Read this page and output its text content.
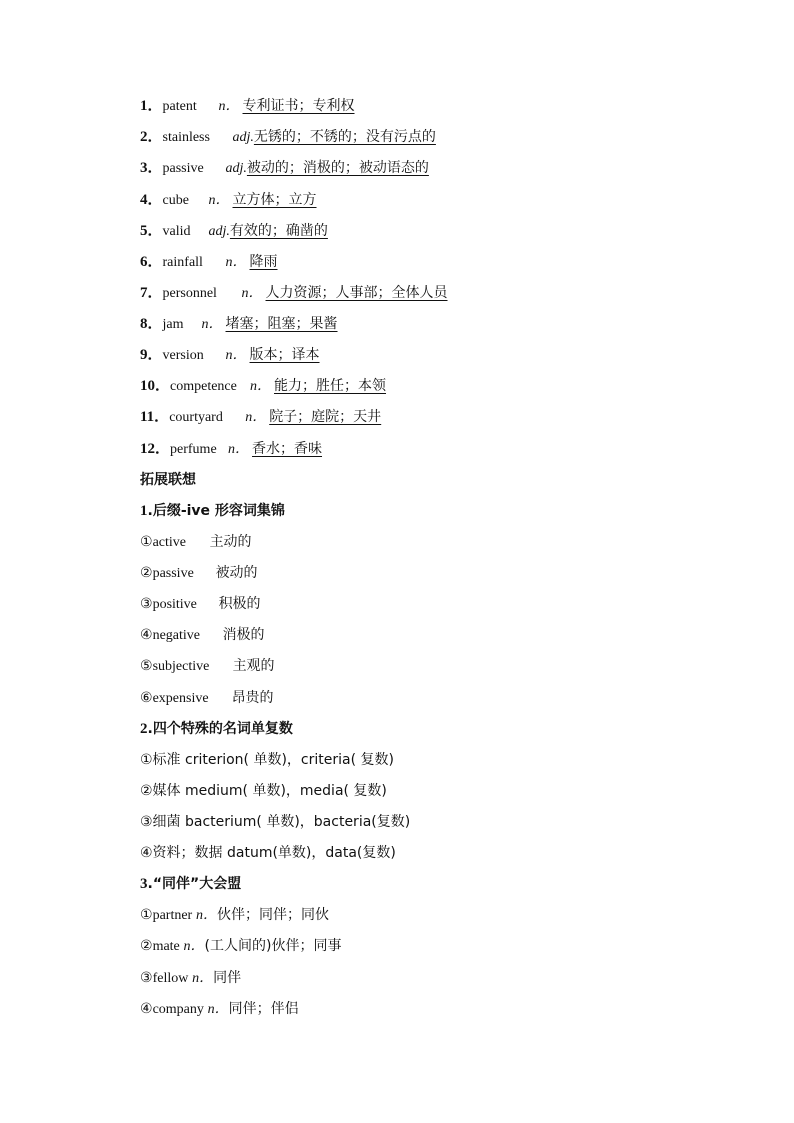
1．patent n． 专利证书；专利权
2．stainless adj.无锈的；不锈的；没有污点的
3．passive adj.被动的；消极的；被动语态的
4．cube n． 立方体；立方
5．valid adj.有效的；确凿的
6．rainfall n． 降雨
7．personnel n． 人力资源；人事部；全体人员
8．jam n． 堵塞；阻塞；果酱
9．version n． 版本；译本
10．competence n． 能力；胜任；本领
11．courtyard n． 院子；庭院；天井
12．perfume n． 香水；香味
拓展联想
1.后缀-ive 形容词集锦
①active 主动的
②passive 被动的
③positive 积极的
④negative 消极的
⑤subjective 主观的
⑥expensive 昂贵的
2.四个特殊的名词单复数
①标准 criterion( 单数)，criteria( 复数)
②媒体 medium( 单数)，media( 复数)
③细菌 bacterium( 单数)，bacteria(复数)
④资料；数据 datum(单数)，data(复数)
3.“同伴”大会盟
①partner n．伙伴；同伴；同伙
②mate n．(工人间的)伙伴；同事
③fellow n．同伴
④company n．同伴；伴侣
